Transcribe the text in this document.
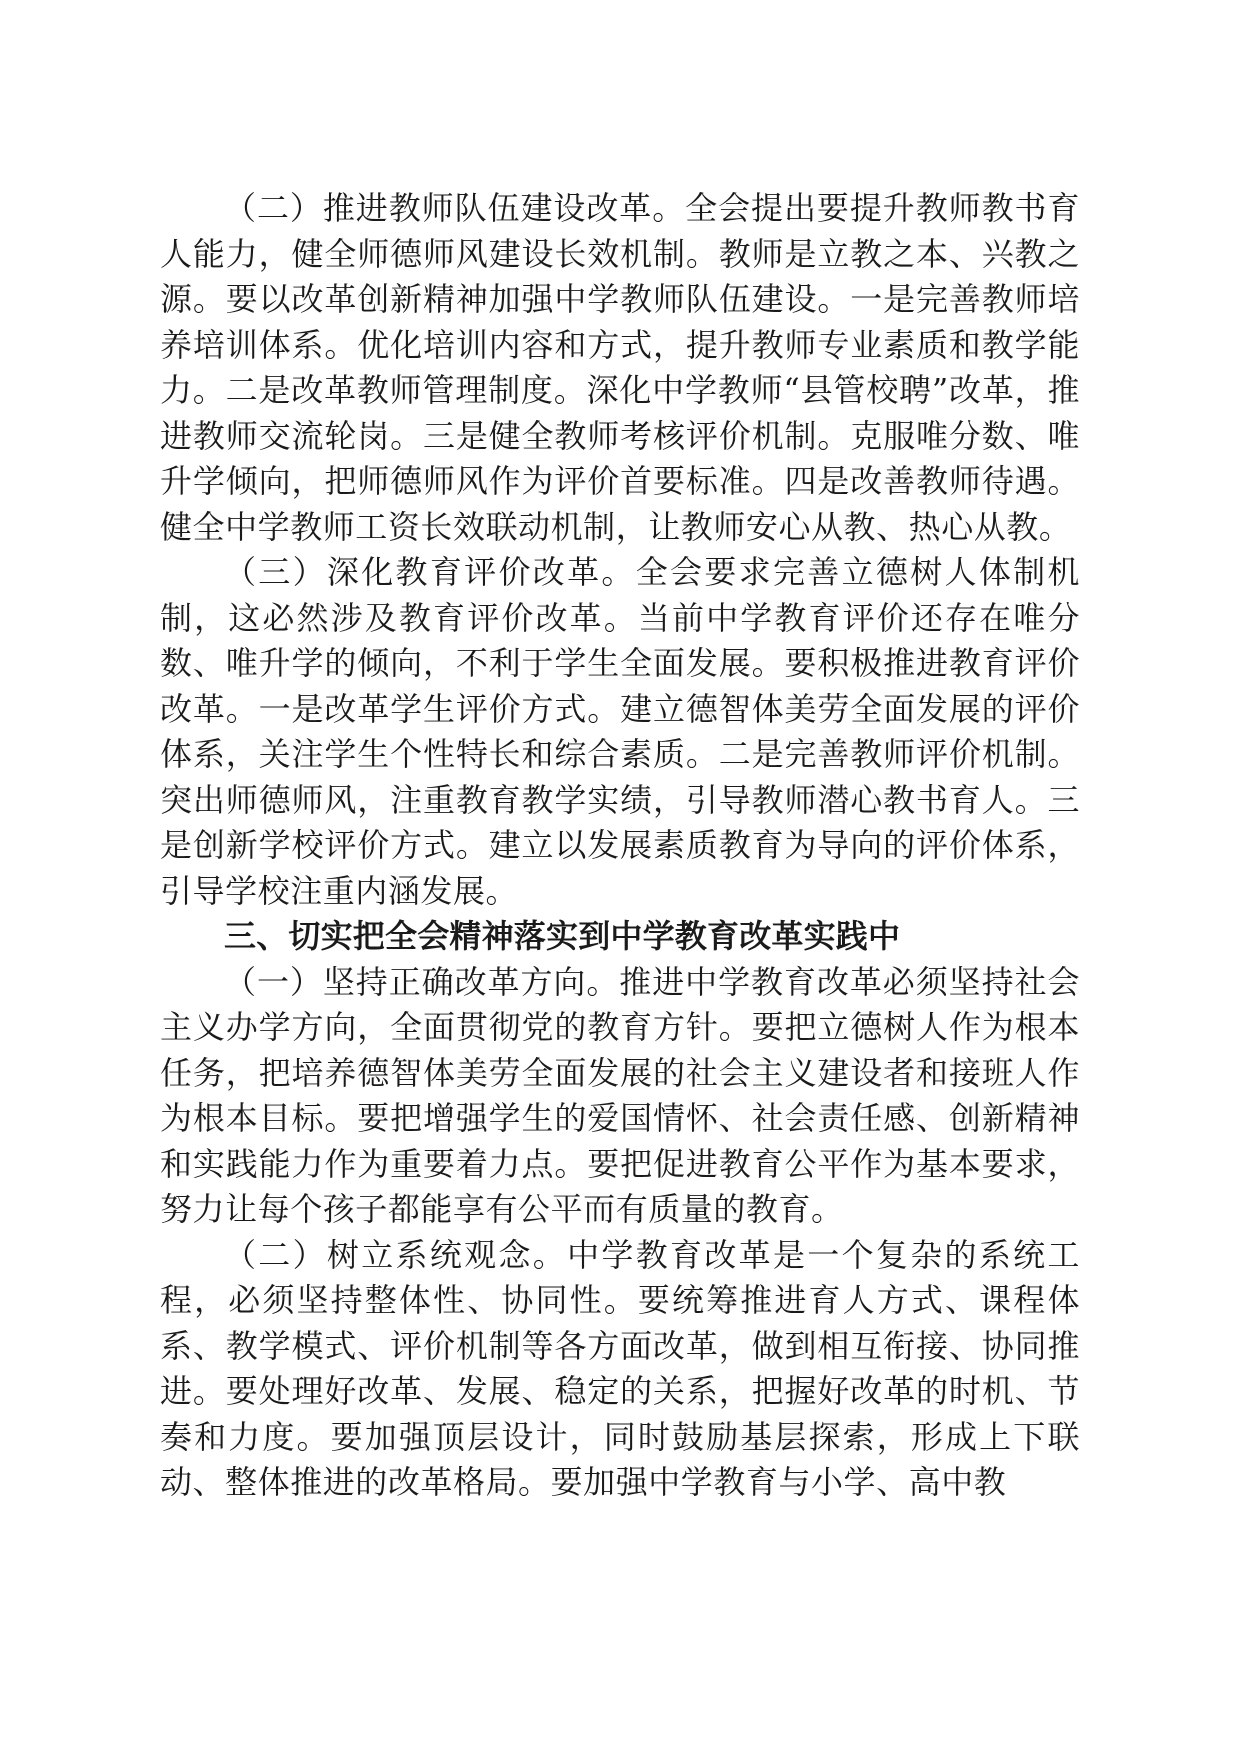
（二）推进教师队伍建设改革。全会提出要提升教师教书育人能力，健全师德师风建设长效机制。教师是立教之本、兴教之源。要以改革创新精神加强中学教师队伍建设。一是完善教师培养培训体系。优化培训内容和方式，提升教师专业素质和教学能力。二是改革教师管理制度。深化中学教师“县管校聘”改革，推进教师交流轮岗。三是健全教师考核评价机制。克服唯分数、唯升学倾向，把师德师风作为评价首要标准。四是改善教师待遇。健全中学教师工资长效联动机制，让教师安心从教、热心从教。

（三）深化教育评价改革。全会要求完善立德树人体制机制，这必然涉及教育评价改革。当前中学教育评价还存在唯分数、唯升学的倾向，不利于学生全面发展。要积极推进教育评价改革。一是改革学生评价方式。建立德智体美劳全面发展的评价体系，关注学生个性特长和综合素质。二是完善教师评价机制。突出师德师风，注重教育教学实绩，引导教师潜心教书育人。三是创新学校评价方式。建立以发展素质教育为导向的评价体系，引导学校注重内涵发展。

三、切实把全会精神落实到中学教育改革实践中

（一）坚持正确改革方向。推进中学教育改革必须坚持社会主义办学方向，全面贯彻党的教育方针。要把立德树人作为根本任务，把培养德智体美劳全面发展的社会主义建设者和接班人作为根本目标。要把增强学生的爱国情怀、社会责任感、创新精神和实践能力作为重要着力点。要把促进教育公平作为基本要求，努力让每个孩子都能享有公平而有质量的教育。

（二）树立系统观念。中学教育改革是一个复杂的系统工程，必须坚持整体性、协同性。要统筹推进育人方式、课程体系、教学模式、评价机制等各方面改革，做到相互衔接、协同推进。要处理好改革、发展、稳定的关系，把握好改革的时机、节奏和力度。要加强顶层设计，同时鼓励基层探索，形成上下联动、整体推进的改革格局。要加强中学教育与小学、高中教
